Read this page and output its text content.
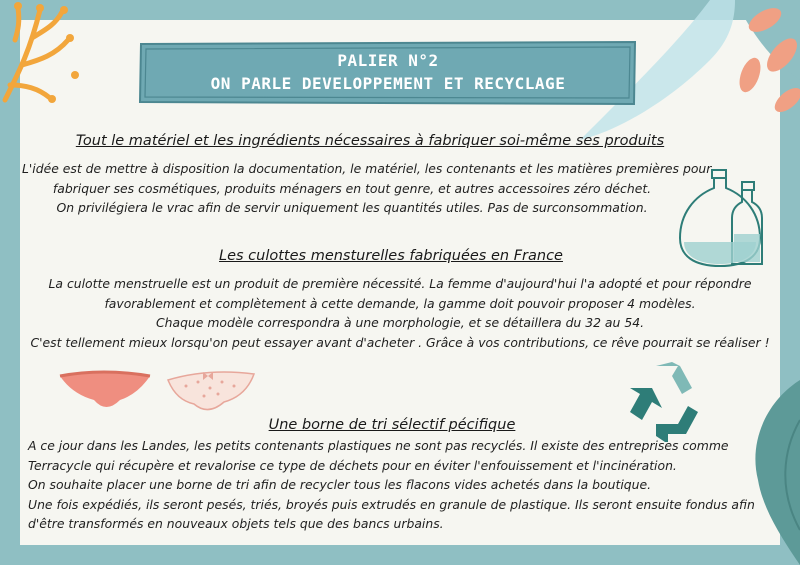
PALIER N°2
ON PARLE DEVELOPPEMENT ET RECYCLAGE
Tout le matériel et les ingrédients nécessaires à fabriquer soi-même ses produits
L'idée est de mettre à disposition la documentation, le matériel, les contenants et les matières premières pour
fabriquer ses cosmétiques, produits ménagers en tout genre, et autres accessoires zéro déchet.
On privilégiera le vrac afin de servir uniquement les quantités utiles. Pas de surconsommation.
Les culottes mensturelles fabriquées en France
La culotte menstruelle est un produit de première nécessité. La femme d'aujourd'hui l'a adopté et pour répondre
favorablement et complètement à cette demande, la gamme doit pouvoir proposer 4 modèles.
Chaque modèle correspondra à une morphologie, et se détaillera du 32 au 54.
C'est tellement mieux lorsqu'on peut essayer avant d'acheter . Grâce à vos contributions, ce rêve pourrait se réaliser !
Une borne de tri sélectif pécifique
A ce jour dans les Landes, les petits contenants plastiques ne sont pas recyclés. Il existe des entreprises comme
Terracycle qui récupère et revalorise ce type de déchets pour en éviter l'enfouissement et l'incinération.
On souhaite placer une borne de tri afin de recycler tous les flacons vides achetés dans la boutique.
Une fois expédiés, ils seront pesés, triés, broyés puis extrudés en granule de plastique. Ils seront ensuite fondus afin
d'être transformés en nouveaux objets tels que des bancs urbains.
